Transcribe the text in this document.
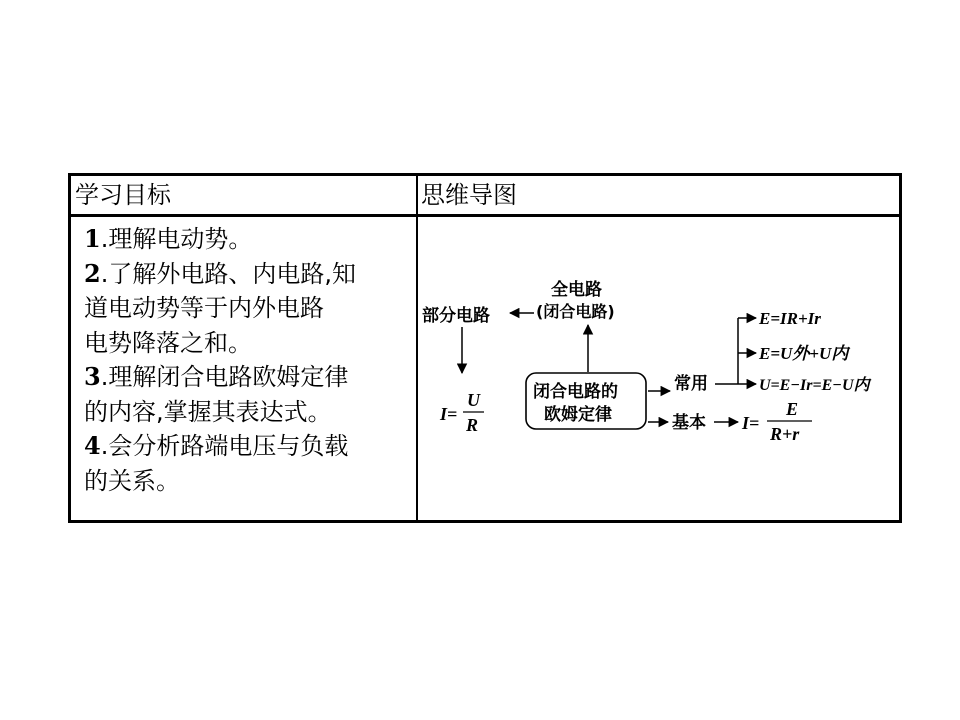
学习目标	思维导图
1.理解电动势。
2.了解外电路、内电路,知
道电动势等于内外电路
电势降落之和。
3.理解闭合电路欧姆定律
的内容,掌握其表达式。
4.会分析路端电压与负载
的关系。
部分电路
I=
U
R
全电路
(闭合电路)
闭合电路的
欧姆定律
常用
E=IR+Ir
E=U外+U内
U=E−Ir=E−U内
基本 I=
E
R+r
